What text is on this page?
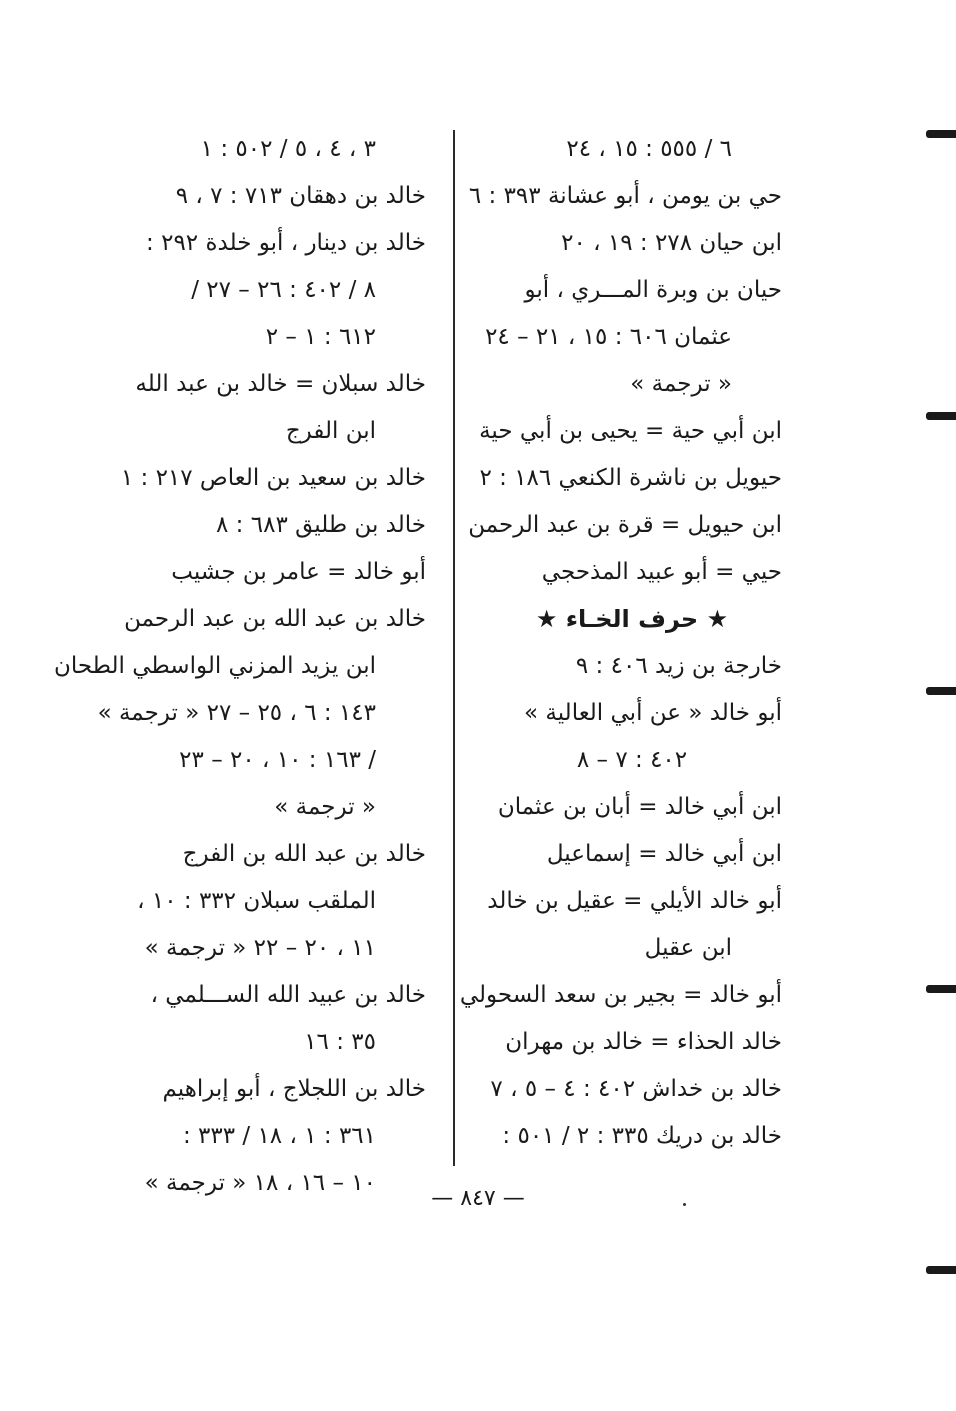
٦ / ٥٥٥ : ١٥ ، ٢٤
حي بن يومن ، أبو عشانة ٣٩٣ : ٦
ابن حيان ٢٧٨ : ١٩ ، ٢٠
حيان بن وبرة المـــري ، أبو
عثمان ٦٠٦ : ١٥ ، ٢١ – ٢٤
« ترجمة »
ابن أبي حية = يحيى بن أبي حية
حيويل بن ناشرة الكنعي ١٨٦ : ٢
ابن حيويل = قرة بن عبد الرحمن
حيي = أبو عبيد المذحجي
★ حرف الخـاء ★
خارجة بن زيد ٤٠٦ : ٩
أبو خالد « عن أبي العالية »
٤٠٢ : ٧ – ٨
ابن أبي خالد = أبان بن عثمان
ابن أبي خالد = إسماعيل
أبو خالد الأيلي = عقيل بن خالد
ابن عقيل
أبو خالد = بجير بن سعد السحولي
خالد الحذاء = خالد بن مهران
خالد بن خداش ٤٠٢ : ٤ – ٥ ، ٧
خالد بن دريك ٣٣٥ : ٢ / ٥٠١ :
٣ ، ٤ ، ٥ / ٥٠٢ : ١
خالد بن دهقان ٧١٣ : ٧ ، ٩
خالد بن دينار ، أبو خلدة ٢٩٢ :
٨ / ٤٠٢ : ٢٦ – ٢٧ /
٦١٢ : ١ – ٢
خالد سبلان = خالد بن عبد الله
ابن الفرج
خالد بن سعيد بن العاص ٢١٧ : ١
خالد بن طليق ٦٨٣ : ٨
أبو خالد = عامر بن جشيب
خالد بن عبد الله بن عبد الرحمن
ابن يزيد المزني الواسطي الطحان
١٤٣ : ٦ ، ٢٥ – ٢٧ « ترجمة »
/ ١٦٣ : ١٠ ، ٢٠ – ٢٣
« ترجمة »
خالد بن عبد الله بن الفرج
الملقب سبلان ٣٣٢ : ١٠ ،
١١ ، ٢٠ – ٢٢ « ترجمة »
خالد بن عبيد الله الســـلمي ،
٣٥ : ١٦
خالد بن اللجلاج ، أبو إبراهيم
٣٦١ : ١ ، ١٨ / ٣٣٣ :
١٠ – ١٦ ، ١٨ « ترجمة »
— ٨٤٧ —
